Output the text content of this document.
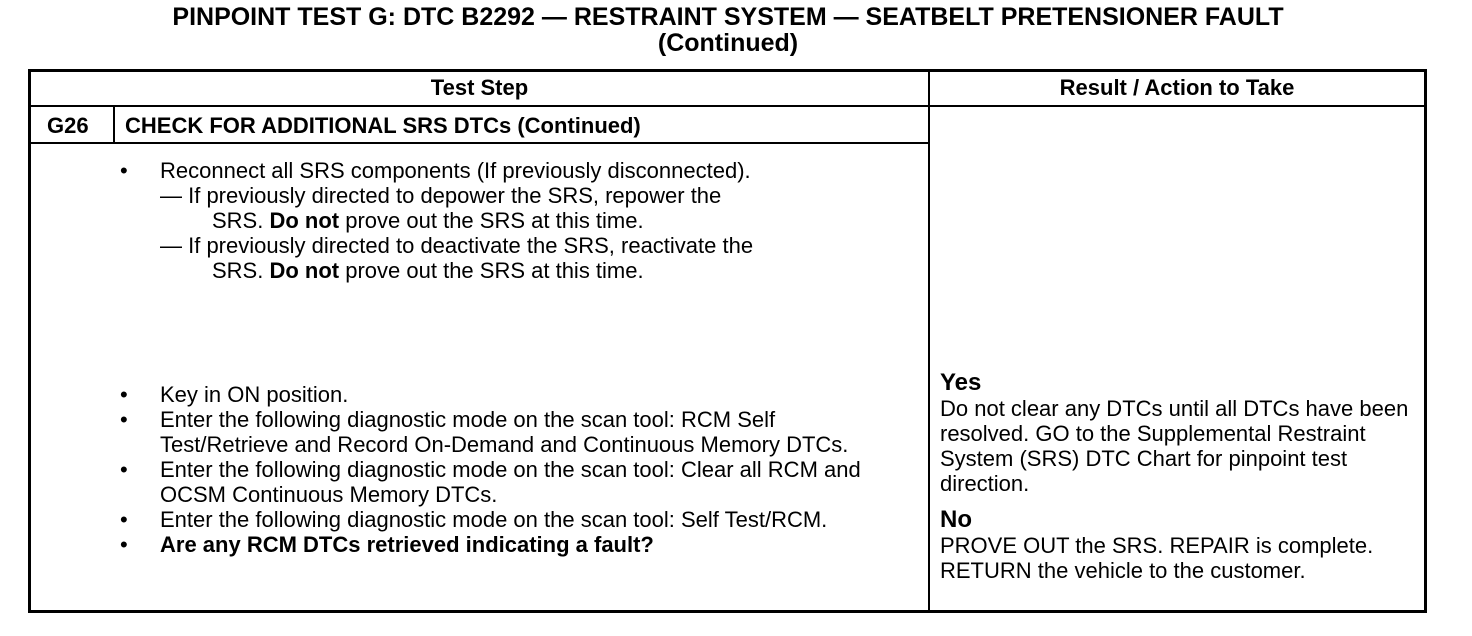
PINPOINT TEST G: DTC B2292 — RESTRAINT SYSTEM — SEATBELT PRETENSIONER FAULT
(Continued)
Test Step	Result / Action to Take
G26 CHECK FOR ADDITIONAL SRS DTCs (Continued)
• Reconnect all SRS components (If previously disconnected).
— If previously directed to depower the SRS, repower the
SRS. Do not prove out the SRS at this time.
— If previously directed to deactivate the SRS, reactivate the
SRS. Do not prove out the SRS at this time.
• Key in ON position.
• Enter the following diagnostic mode on the scan tool: RCM Self Test/Retrieve and Record On-Demand and Continuous Memory DTCs.
• Enter the following diagnostic mode on the scan tool: Clear all RCM and OCSM Continuous Memory DTCs.
• Enter the following diagnostic mode on the scan tool: Self Test/RCM.
• Are any RCM DTCs retrieved indicating a fault?
Yes
Do not clear any DTCs until all DTCs have been resolved. GO to the Supplemental Restraint System (SRS) DTC Chart for pinpoint test direction.
No
PROVE OUT the SRS. REPAIR is complete. RETURN the vehicle to the customer.
